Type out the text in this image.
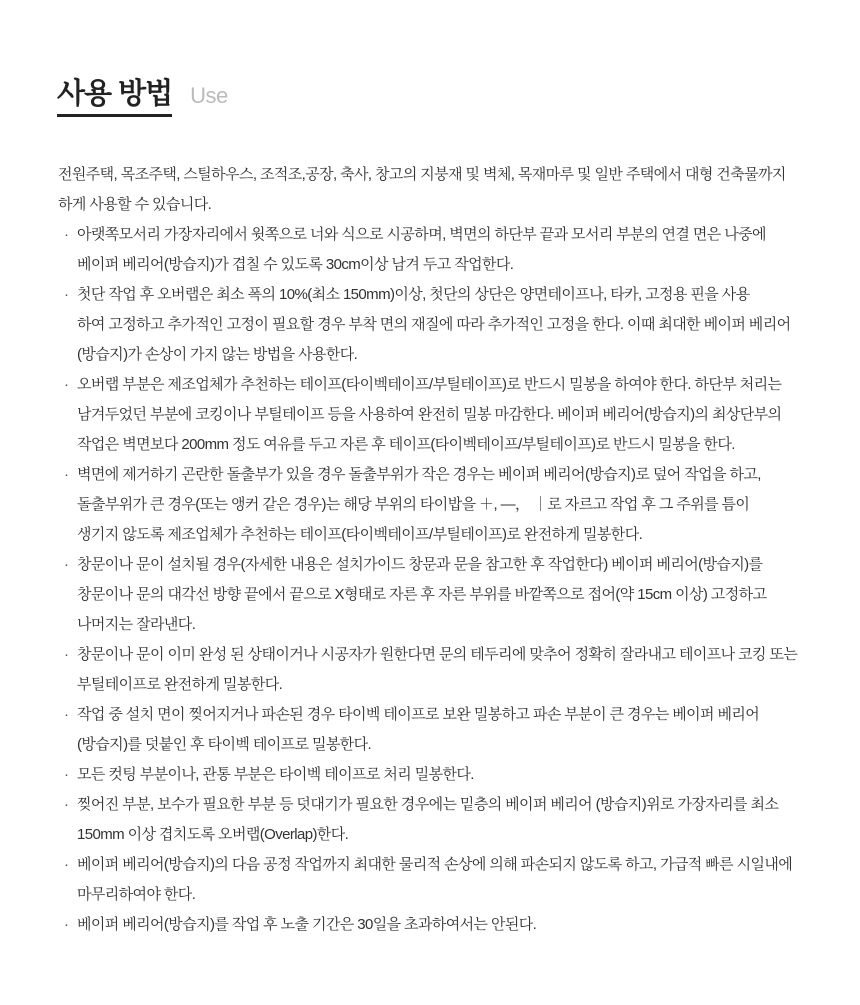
사용 방법 Use
전원주택, 목조주택, 스틸하우스, 조적조,공장, 축사, 창고의 지붕재 및 벽체, 목재마루 및 일반 주택에서 대형 건축물까지
하게 사용할 수 있습니다.
· 아랫쪽모서리 가장자리에서 윗쪽으로 너와 식으로 시공하며, 벽면의 하단부 끝과 모서리 부분의 연결 면은 나중에
베이퍼 베리어(방습지)가 겹칠 수 있도록 30cm이상 남겨 두고 작업한다.
· 첫단 작업 후 오버랩은 최소 폭의 10%(최소 150mm)이상, 첫단의 상단은 양면테이프나, 타카, 고정용 핀을 사용
하여 고정하고 추가적인 고정이 필요할 경우 부착 면의 재질에 따라 추가적인 고정을 한다. 이때 최대한 베이퍼 베리어
(방습지)가 손상이 가지 않는 방법을 사용한다.
· 오버랩 부분은 제조업체가 추천하는 테이프(타이벡테이프/부틸테이프)로 반드시 밀봉을 하여야 한다. 하단부 처리는
남겨두었던 부분에 코킹이나 부틸테이프 등을 사용하여 완전히 밀봉 마감한다. 베이퍼 베리어(방습지)의 최상단부의
작업은 벽면보다 200mm 정도 여유를 두고 자른 후 테이프(타이벡테이프/부틸테이프)로 반드시 밀봉을 한다.
· 벽면에 제거하기 곤란한 돌출부가 있을 경우 돌출부위가 작은 경우는 베이퍼 베리어(방습지)로 덮어 작업을 하고,
돌출부위가 큰 경우(또는 앵커 같은 경우)는 해당 부위의 타이밥을 ＋, —， ｜로 자르고 작업 후 그 주위를 틈이
생기지 않도록 제조업체가 추천하는 테이프(타이벡테이프/부틸테이프)로 완전하게 밀봉한다.
· 창문이나 문이 설치될 경우(자세한 내용은 설치가이드 창문과 문을 참고한 후 작업한다) 베이퍼 베리어(방습지)를
창문이나 문의 대각선 방향 끝에서 끝으로 X형태로 자른 후 자른 부위를 바깥쪽으로 접어(약 15cm 이상) 고정하고
나머지는 잘라낸다.
· 창문이나 문이 이미 완성 된 상태이거나 시공자가 원한다면 문의 테두리에 맞추어 정확히 잘라내고 테이프나 코킹 또는
부틸테이프로 완전하게 밀봉한다.
· 작업 중 설치 면이 찢어지거나 파손된 경우 타이벡 테이프로 보완 밀봉하고 파손 부분이 큰 경우는 베이퍼 베리어
(방습지)를 덧붙인 후 타이벡 테이프로 밀봉한다.
· 모든 컷팅 부분이나, 관통 부분은 타이벡 테이프로 처리 밀봉한다.
· 찢어진 부분, 보수가 필요한 부분 등 덧대기가 필요한 경우에는 밑층의 베이퍼 베리어 (방습지)위로 가장자리를 최소
150mm 이상 겹치도록 오버랩(Overlap)한다.
· 베이퍼 베리어(방습지)의 다음 공정 작업까지 최대한 물리적 손상에 의해 파손되지 않도록 하고, 가급적 빠른 시일내에
마무리하여야 한다.
· 베이퍼 베리어(방습지)를 작업 후 노출 기간은 30일을 초과하여서는 안된다.
